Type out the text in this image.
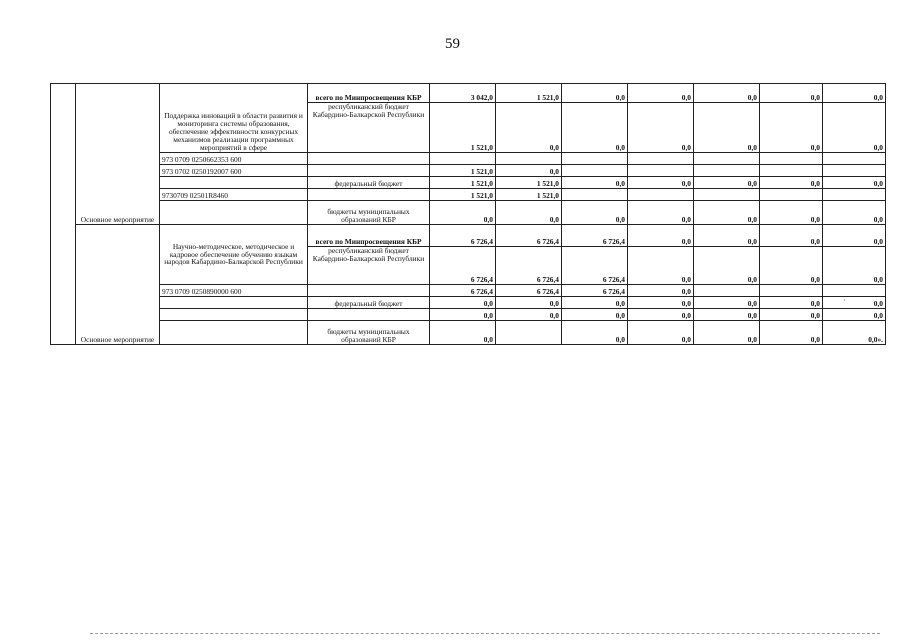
59
	Основное мероприятие	Поддержка инноваций в области развития и мониторинга системы образования, обеспечение эффективности конкурсных механизмов реализации программных мероприятий в сфере	всего по Минпросвещения КБР	3 042,0	1 521,0	0,0	0,0	0,0	0,0	0,0
			республиканский бюджет Кабардино-Балкарской Республики	1 521,0	0,0	0,0	0,0	0,0	0,0	0,0
		973 0709 0250662353 600								
		973 0702 0250192007 600		1 521,0	0,0					
			федеральный бюджет	1 521,0	1 521,0	0,0	0,0	0,0	0,0	0,0
		9730709 02501R8460		1 521,0	1 521,0					
			бюджеты муниципальных образований КБР	0,0	0,0	0,0	0,0	0,0	0,0	0,0
	Основное мероприятие	Научно-методическое, методическое и кадровое обеспечение обучению языкам народов Кабардино-Балкарской Республики	всего по Минпросвещения КБР	6 726,4	6 726,4	6 726,4	0,0	0,0	0,0	0,0
			республиканский бюджет Кабардино-Балкарской Республики	6 726,4	6 726,4	6 726,4	0,0	0,0	0,0	0,0
		973 0709 0250890000 600		6 726,4	6 726,4	6 726,4	0,0			
			федеральный бюджет	0,0	0,0	0,0	0,0	0,0	0,0	0,0
				0,0	0,0	0,0	0,0	0,0	0,0	0,0
			бюджеты муниципальных образований КБР	0,0		0,0	0,0	0,0	0,0	0,0».
·
